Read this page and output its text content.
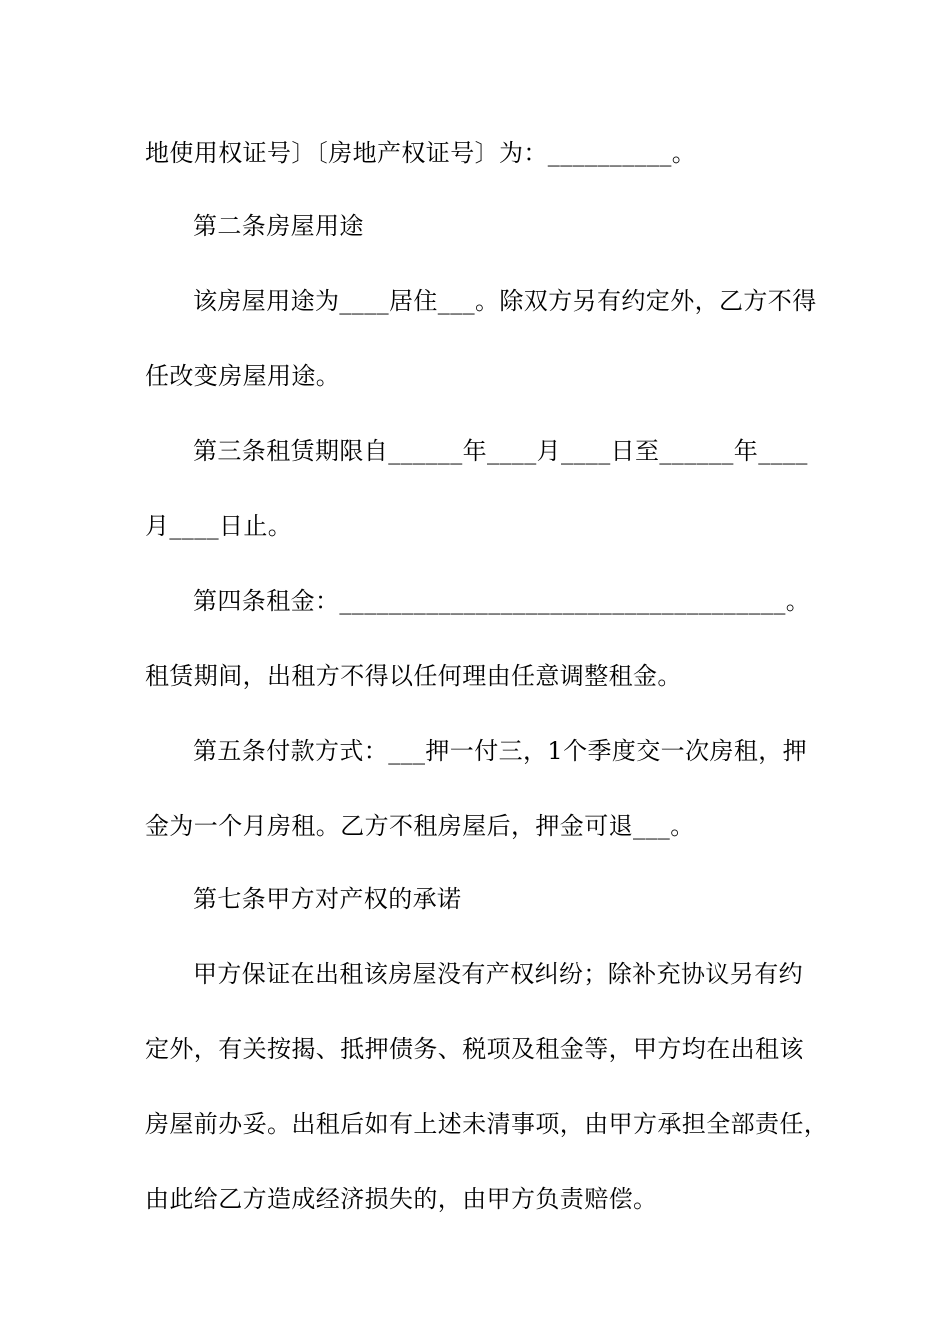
地使用权证号〕〔房地产权证号〕为：__________。
第二条房屋用途
该房屋用途为____居住___。除双方另有约定外，乙方不得
任改变房屋用途。
第三条租赁期限自______年____月____日至______年____
月____日止。
第四条租金：____________________________________。
租赁期间，出租方不得以任何理由任意调整租金。
第五条付款方式：___押一付三，1个季度交一次房租，押
金为一个月房租。乙方不租房屋后，押金可退___。
第七条甲方对产权的承诺
甲方保证在出租该房屋没有产权纠纷；除补充协议另有约
定外，有关按揭、抵押债务、税项及租金等，甲方均在出租该
房屋前办妥。出租后如有上述未清事项，由甲方承担全部责任，
由此给乙方造成经济损失的，由甲方负责赔偿。
